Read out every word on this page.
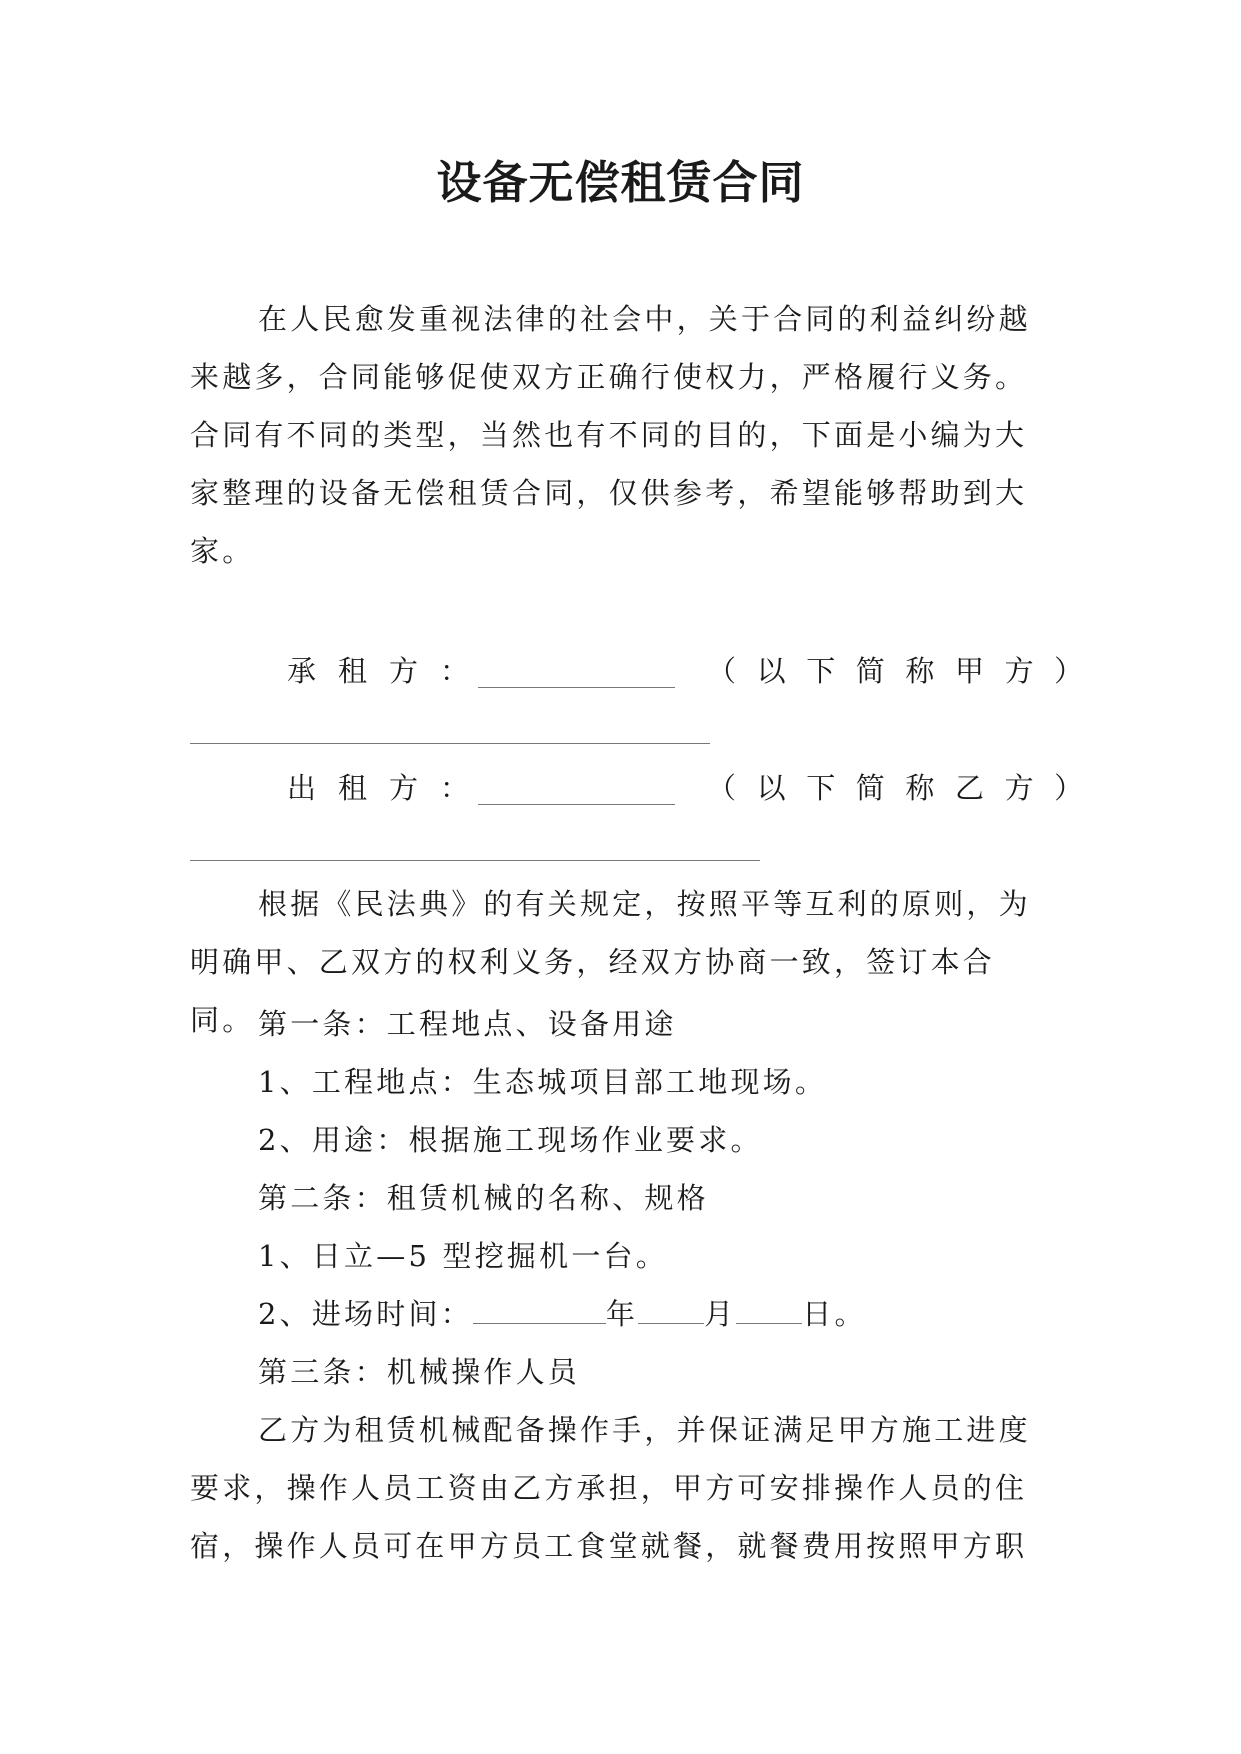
设备无偿租赁合同

在人民愈发重视法律的社会中，关于合同的利益纠纷越来越多，合同能够促使双方正确行使权力，严格履行义务。合同有不同的类型，当然也有不同的目的，下面是小编为大家整理的设备无偿租赁合同，仅供参考，希望能够帮助到大家。

承 租 方 ：	（ 以 下 简 称 甲 方 ）
出 租 方 ：	（ 以 下 简 称 乙 方 ）

根据《民法典》的有关规定，按照平等互利的原则，为明确甲、乙双方的权利义务，经双方协商一致，签订本合同。 第一条：工程地点、设备用途

1、工程地点：生态城项目部工地现场。

2、用途：根据施工现场作业要求。

第二条：租赁机械的名称、规格

1、日立—5 型挖掘机一台。

2、进场时间：	年 月 日。

第三条：机械操作人员

乙方为租赁机械配备操作手，并保证满足甲方施工进度要求，操作人员工资由乙方承担，甲方可安排操作人员的住宿，操作人员可在甲方员工食堂就餐，就餐费用按照甲方职
